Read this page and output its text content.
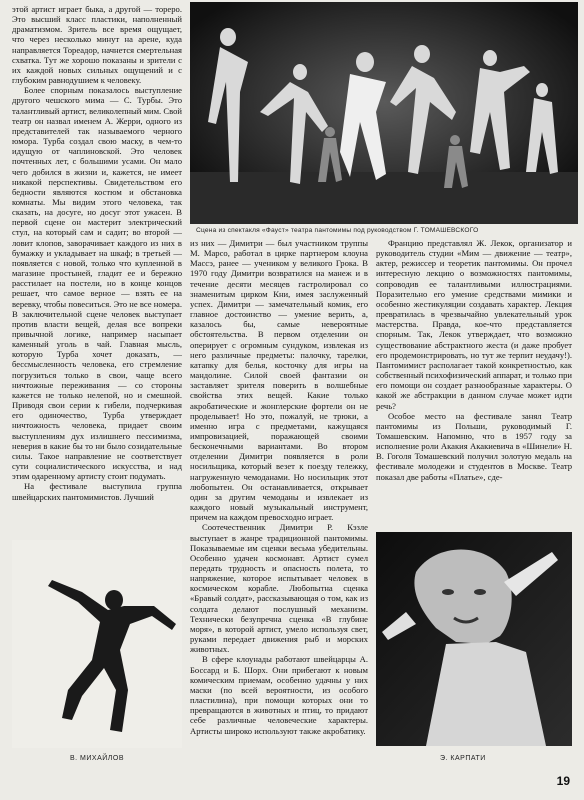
этой артист играет быка, а другой — тореро. Это высший класс пластики, наполненный драматизмом. Зритель все время ощущает, что через несколько минут на арене, куда направляется Тореадор, начнется смертельная схватка. Тут же хорошо показаны и зрители с их каждой новых сильных ощущений и с глубоким равнодушием к человеку.

Более спорным показалось выступление другого чешского мима — С. Турбы. Это талантливый артист, великолепный мим. Свой театр он назвал именем А. Жерри, одного из представителей так называемого черного юмора. Турба создал свою маску, в чем-то идущую от чаплиновской. Это человек почтенных лет, с большими усами. Он мало чего добился в жизни и, кажется, не имеет никакой перспективы. Свидетельством его бедности являются костюм и обстановка комнаты. Мы видим этого человека, так сказать, на досуге, но досуг этот ужасен. В первой сцене он мастерит электрический стул, на который сам и садит; во второй — ловит клопов, заворачивает каждого из них в бумажку и укладывает на шкаф; в третьей — появляется с новой, только что купленной в магазине простыней, гладит ее и бережно расстилает на постели, но в конце концов решает, что самое верное — взять ее на веревку, чтобы повеситься. Это не все номера. В заключительной сцене человек выступает против власти вещей, делая все вопреки привычной логике, например насыпает каменный уголь в чай. Главная мысль, которую Турба хочет доказать, — бессмысленность человека, его стремление погрузиться только в свои, чаще всего ничтожные переживания — со стороны кажется не только нелепой, но и смешной. Приводя свои серии к гибели, подчеркивая его одиночество, Турба утверждает ничтожность человека, придает своим выступлениям дух излишнего пессимизма, неверия в какие бы то ни было созидательные силы. Такое направление не соответствует сути социалистического искусства, и над этим одаренному артисту стоит подумать.

На фестивале выступила группа швейцарских пантомимистов. Лучший

Сцена из спектакля «Фауст» театра пантомимы под руководством Г. ТОМАШЕВСКОГО

из них — Димитри — был участником труппы М. Марсо, работал в цирке партнером клоуна Массэ, ранее — учеником у великого Грока. В 1970 году Димитри возвратился на манеж и в течение десяти месяцев гастролировал со знаменитым цирком Кни, имея заслуженный успех. Димитри — замечательный комик, его главное достоинство — умение верить, а, казалось бы, самые невероятные обстоятельства. В первом отделении он оперирует с огромным сундуком, извлекая из него различные предметы: палочку, тарелки, катапку для белья, косточку для игры на мандолине. Силой своей фантазии он заставляет зрителя поверить в волшебные свойства этих вещей. Какие только акробатические и жонглерские фортели он не проделывает! Но это, пожалуй, не трюки, а именно игра с предметами, кажущаяся импровизацией, поражающей своими бесконечными вариантами. Во втором отделении Димитри появляется в роли носильщика, который везет к поезду тележку, нагруженную чемоданами. Но носильщик этот любопытен. Он останавливается, открывает один за другим чемоданы и извлекает из каждого новый музыкальный инструмент, причем на каждом превосходно играет.

Соотечественник Димитри Р. Кэзле выступает в жанре традиционной пантомимы. Показываемые им сценки весьма убедительны. Особенно удачен космонавт. Артист сумел передать трудность и опасность полета, то напряжение, которое испытывает человек в космическом корабле. Любопытна сценка «Бравый солдат», рассказывающая о том, как из солдата делают послушный механизм. Технически безупречна сценка «В глубине моря», в которой артист, умело используя свет, руками передает движения рыб и морских животных.

В сфере клоунады работают швейцарцы А. Боссард и Б. Шорх. Они прибегают к новым комическим приемам, особенно удачны у них маски (по всей вероятности, из особого пластилина), при помощи которых они то превращаются в животных и птиц, то придают себе различные человеческие характеры. Артисты широко используют также акробатику.

Францию представлял Ж. Лекок, организатор и руководитель студии «Мим — движение — театр», актер, режиссер и теоретик пантомимы. Он прочел интересную лекцию о возможностях пантомимы, сопроводив ее талантливыми иллюстрациями. Поразительно его умение средствами мимики и особенно жестикуляции создавать характер. Лекция превратилась в чрезвычайно увлекательный урок мастерства. Правда, кое-что представляется спорным. Так, Лекок утверждает, что возможно существование абстрактного жеста (и даже пробует его продемонстрировать, но тут же терпит неудачу!). Пантомимист располагает такой конкретностью, как собственный психофизический аппарат, и только при его помощи он создает разнообразные характеры. О какой же абстракции в данном случае может идти речь?

Особое место на фестивале занял Театр пантомимы из Польши, руководимый Г. Томашевским. Напомню, что в 1957 году за исполнение роли Акакия Акакиевича в «Шинели» Н. В. Гоголя Томашевский получил золотую медаль на фестивале молодежи и студентов в Москве. Театр показал две работы «Платье», сде-

В. МИХАЙЛОВ	Э. КАРПАТИ
19
